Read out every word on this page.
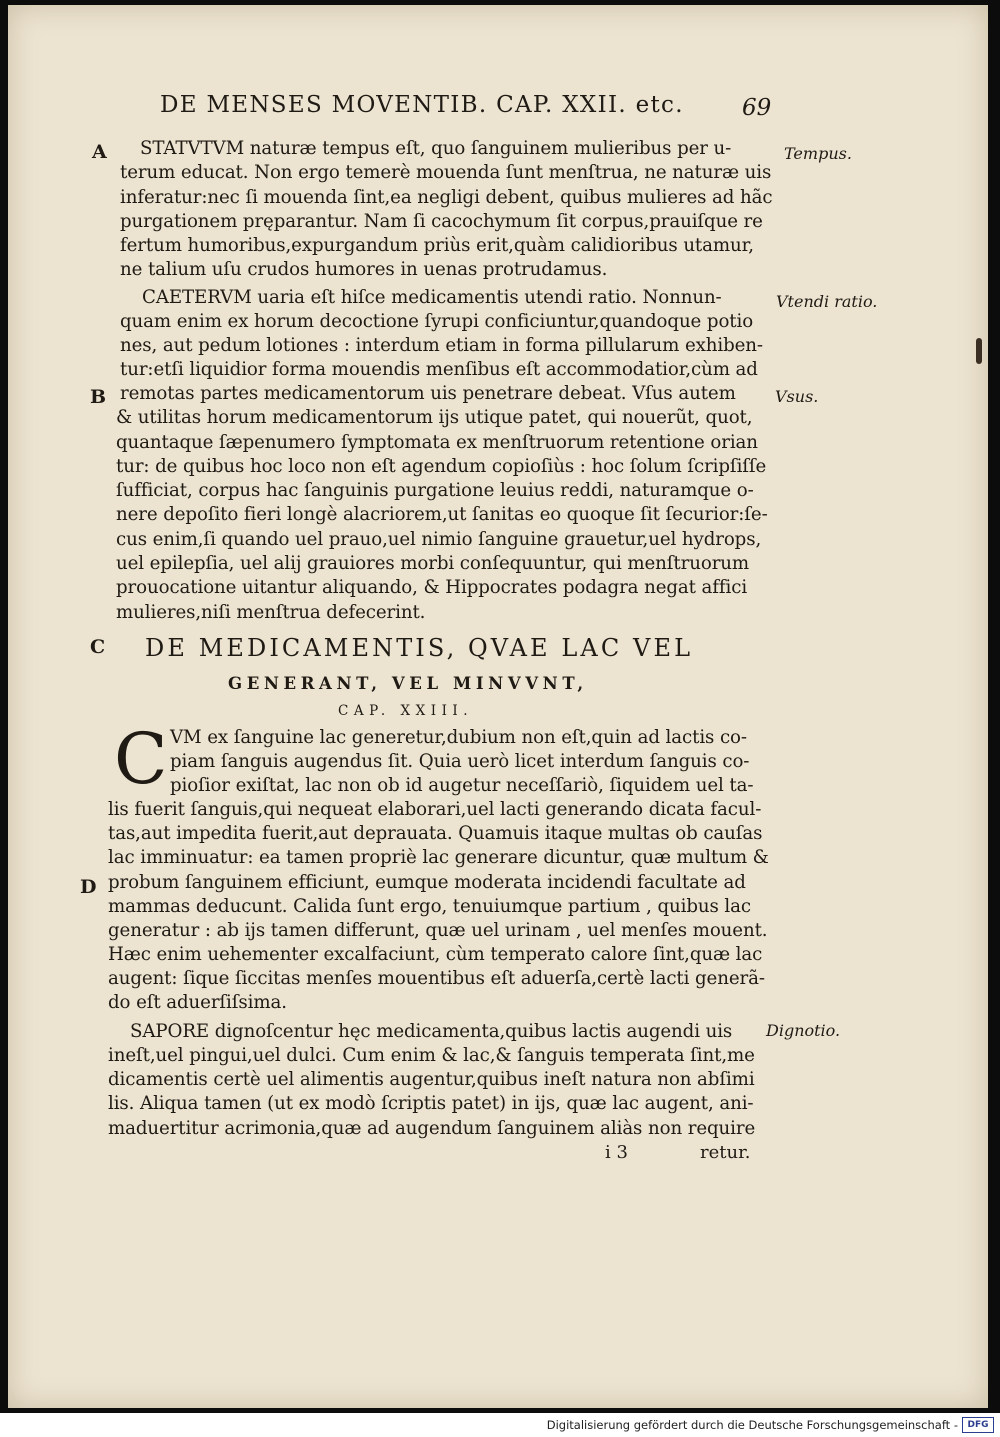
DE MENSES MOVENTIB. CAP. XXII. etc.	69
A
B
C
D
Tempus.
Vtendi ratio.
Vsus.
Dignotio.
STATVTVM naturæ tempus eſt, quo ſanguinem mulieribus per u-
terum educat. Non ergo temerè mouenda ſunt menſtrua, ne naturæ uis
inferatur:nec ſi mouenda ſint,ea negligi debent, quibus mulieres ad hãc
purgationem pręparantur. Nam ſi cacochymum ſit corpus,prauiſque re
fertum humoribus,expurgandum priùs erit,quàm calidioribus utamur,
ne talium uſu crudos humores in uenas protrudamus.
CAETERVM uaria eſt hiſce medicamentis utendi ratio. Nonnun-
quam enim ex horum decoctione ſyrupi conficiuntur,quandoque potio
nes, aut pedum lotiones : interdum etiam in forma pillularum exhiben-
tur:etſi liquidior forma mouendis menſibus eſt accommodatior,cùm ad
remotas partes medicamentorum uis penetrare debeat. Vſus autem
& utilitas horum medicamentorum ijs utique patet, qui nouerũt, quot,
quantaque ſæpenumero ſymptomata ex menſtruorum retentione orian
tur: de quibus hoc loco non eſt agendum copioſiùs : hoc ſolum ſcripſiſſe
ſufficiat, corpus hac ſanguinis purgatione leuius reddi, naturamque o-
nere depoſito fieri longè alacriorem,ut ſanitas eo quoque ſit ſecurior:ſe-
cus enim,ſi quando uel prauo,uel nimio ſanguine grauetur,uel hydrops,
uel epilepſia, uel alij grauiores morbi conſequuntur, qui menſtruorum
prouocatione uitantur aliquando, & Hippocrates podagra negat affici
mulieres,niſi menſtrua defecerint.
DE MEDICAMENTIS, QVAE LAC VEL
GENERANT, VEL MINVVNT,
CAP. XXIII.
C VM ex ſanguine lac generetur,dubium non eſt,quin ad lactis co-
piam ſanguis augendus ſit. Quia uerò licet interdum ſanguis co-
pioſior exiſtat, lac non ob id augetur neceſſariò, ſiquidem uel ta-
lis fuerit ſanguis,qui nequeat elaborari,uel lacti generando dicata facul-
tas,aut impedita fuerit,aut deprauata. Quamuis itaque multas ob cauſas
lac imminuatur: ea tamen propriè lac generare dicuntur, quæ multum &
probum ſanguinem efficiunt, eumque moderata incidendi facultate ad
mammas deducunt. Calida ſunt ergo, tenuiumque partium , quibus lac
generatur : ab ijs tamen differunt, quæ uel urinam , uel menſes mouent.
Hæc enim uehementer excalfaciunt, cùm temperato calore ſint,quæ lac
augent: ſique ſiccitas menſes mouentibus eſt aduerſa,certè lacti generã-
do eſt aduerſiſsima.
SAPORE dignoſcentur hęc medicamenta,quibus lactis augendi uis
ineſt,uel pingui,uel dulci. Cum enim & lac,& ſanguis temperata ſint,me
dicamentis certè uel alimentis augentur,quibus ineſt natura non abſimi
lis. Aliqua tamen (ut ex modò ſcriptis patet) in ijs, quæ lac augent, ani-
maduertitur acrimonia,quæ ad augendum ſanguinem aliàs non require
i 3	retur.
Digitalisierung gefördert durch die Deutsche Forschungsgemeinschaft -	DFG
